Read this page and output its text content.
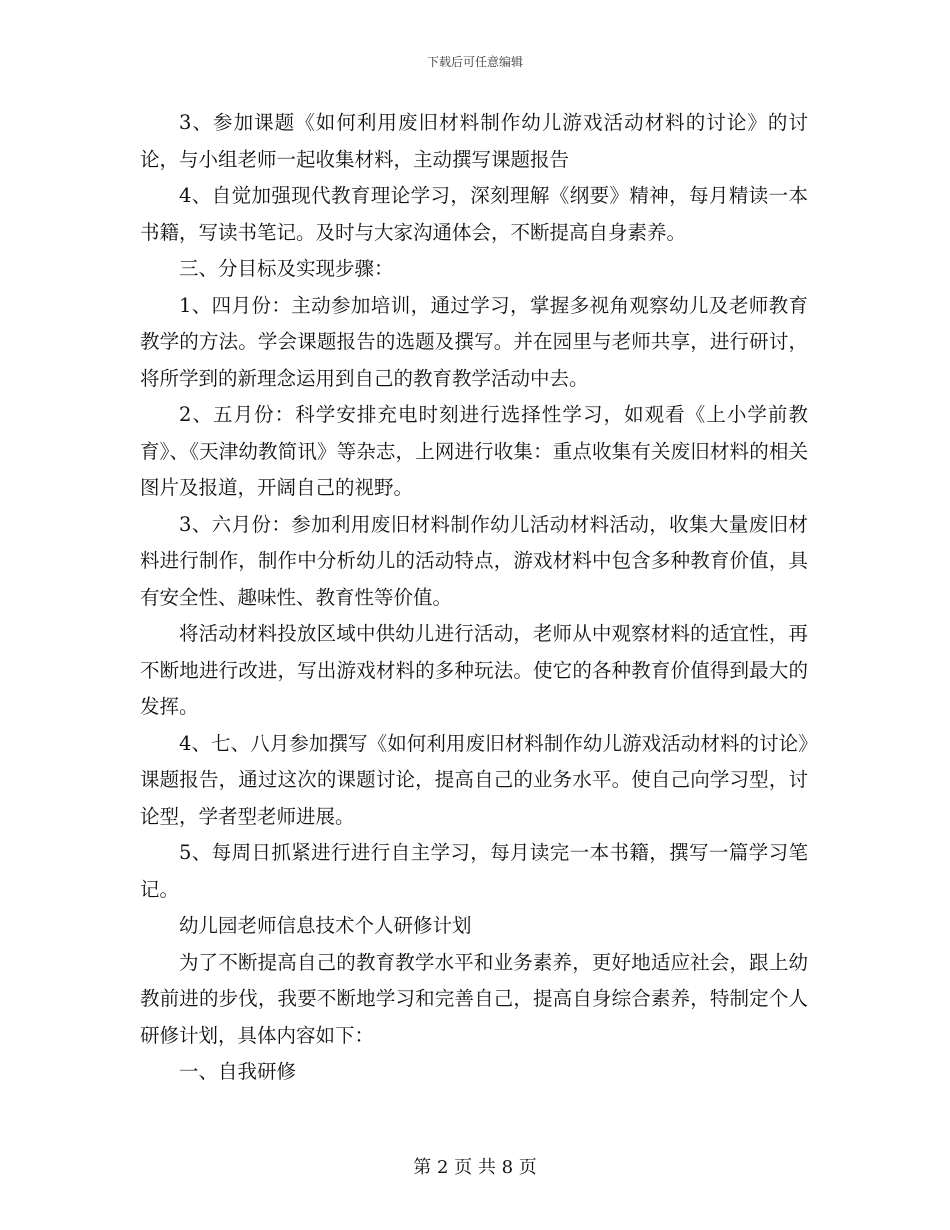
下载后可任意编辑

3、参加课题《如何利用废旧材料制作幼儿游戏活动材料的讨论》的讨论，与小组老师一起收集材料，主动撰写课题报告

4、自觉加强现代教育理论学习，深刻理解《纲要》精神，每月精读一本书籍，写读书笔记。及时与大家沟通体会，不断提高自身素养。

三、分目标及实现步骤：

1、四月份：主动参加培训，通过学习，掌握多视角观察幼儿及老师教育教学的方法。学会课题报告的选题及撰写。并在园里与老师共享，进行研讨，将所学到的新理念运用到自己的教育教学活动中去。

2、五月份：科学安排充电时刻进行选择性学习，如观看《上小学前教育》、《天津幼教简讯》等杂志，上网进行收集：重点收集有关废旧材料的相关图片及报道，开阔自己的视野。

3、六月份：参加利用废旧材料制作幼儿活动材料活动，收集大量废旧材料进行制作，制作中分析幼儿的活动特点，游戏材料中包含多种教育价值，具有安全性、趣味性、教育性等价值。

将活动材料投放区域中供幼儿进行活动，老师从中观察材料的适宜性，再不断地进行改进，写出游戏材料的多种玩法。使它的各种教育价值得到最大的发挥。

4、七、八月参加撰写《如何利用废旧材料制作幼儿游戏活动材料的讨论》课题报告，通过这次的课题讨论，提高自己的业务水平。使自己向学习型，讨论型，学者型老师进展。

5、每周日抓紧进行进行自主学习，每月读完一本书籍，撰写一篇学习笔记。

幼儿园老师信息技术个人研修计划

为了不断提高自己的教育教学水平和业务素养，更好地适应社会，跟上幼教前进的步伐，我要不断地学习和完善自己，提高自身综合素养，特制定个人研修计划，具体内容如下：

一、自我研修

第 2 页 共 8 页
